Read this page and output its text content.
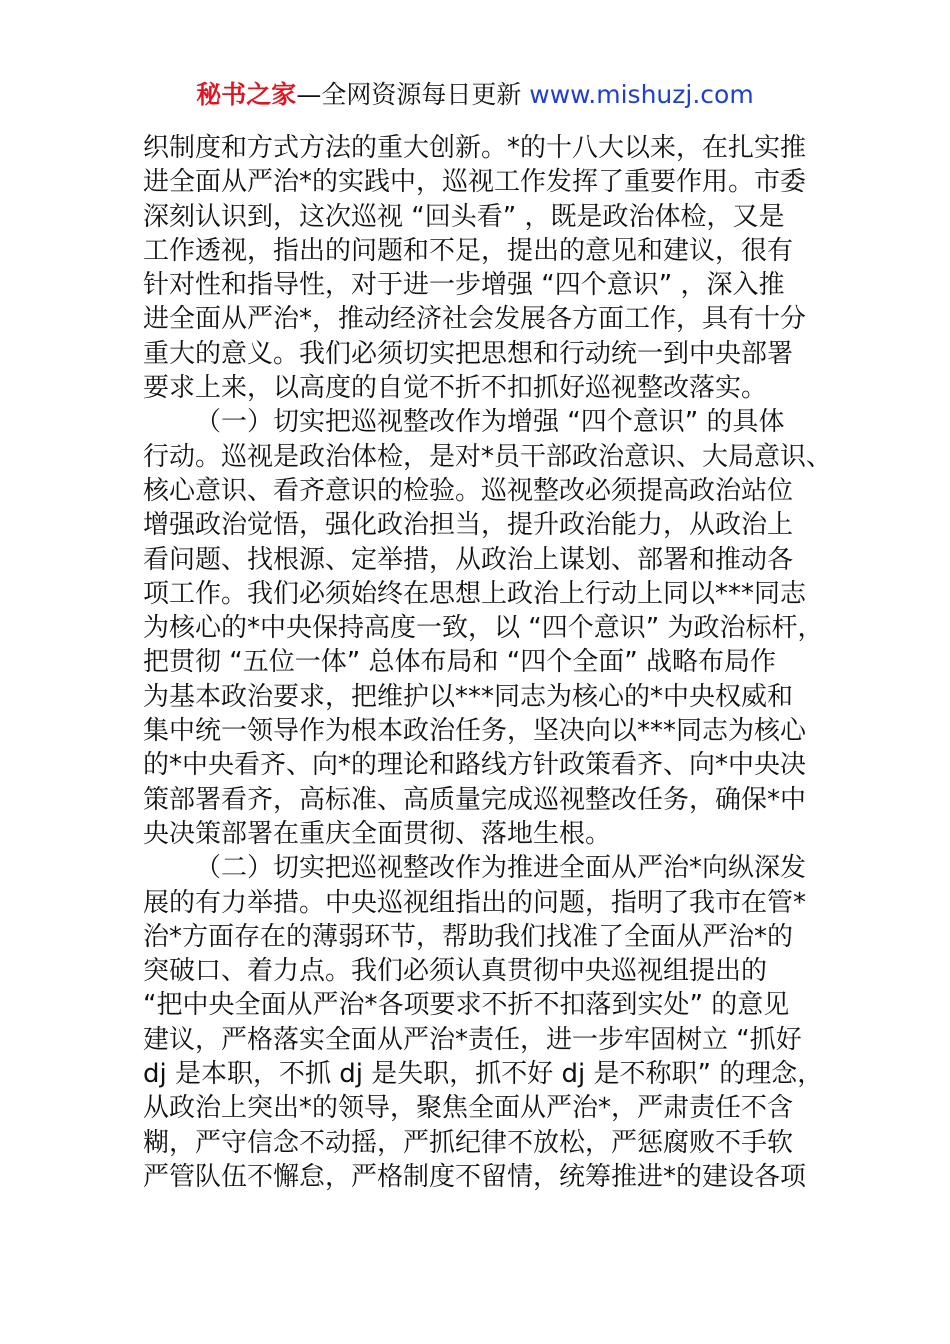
秘书之家—全网资源每日更新 www.mishuzj.com
织制度和方式方法的重大创新。*的十八大以来，在扎实推
进全面从严治*的实践中，巡视工作发挥了重要作用。市委
深刻认识到，这次巡视 “回头看” ，既是政治体检，又是
工作透视，指出的问题和不足，提出的意见和建议，很有
针对性和指导性，对于进一步增强 “四个意识” ，深入推
进全面从严治*，推动经济社会发展各方面工作，具有十分
重大的意义。我们必须切实把思想和行动统一到中央部署
要求上来，以高度的自觉不折不扣抓好巡视整改落实。
（一）切实把巡视整改作为增强 “四个意识” 的具体
行动。巡视是政治体检，是对*员干部政治意识、大局意识、
核心意识、看齐意识的检验。巡视整改必须提高政治站位
增强政治觉悟，强化政治担当，提升政治能力，从政治上
看问题、找根源、定举措，从政治上谋划、部署和推动各
项工作。我们必须始终在思想上政治上行动上同以***同志
为核心的*中央保持高度一致，以 “四个意识” 为政治标杆，
把贯彻 “五位一体” 总体布局和 “四个全面” 战略布局作
为基本政治要求，把维护以***同志为核心的*中央权威和
集中统一领导作为根本政治任务，坚决向以***同志为核心
的*中央看齐、向*的理论和路线方针政策看齐、向*中央决
策部署看齐，高标准、高质量完成巡视整改任务，确保*中
央决策部署在重庆全面贯彻、落地生根。
（二）切实把巡视整改作为推进全面从严治*向纵深发
展的有力举措。中央巡视组指出的问题，指明了我市在管*
治*方面存在的薄弱环节，帮助我们找准了全面从严治*的
突破口、着力点。我们必须认真贯彻中央巡视组提出的
“把中央全面从严治*各项要求不折不扣落到实处” 的意见
建议，严格落实全面从严治*责任，进一步牢固树立 “抓好
dj 是本职，不抓 dj 是失职，抓不好 dj 是不称职” 的理念，
从政治上突出*的领导，聚焦全面从严治*，严肃责任不含
糊，严守信念不动摇，严抓纪律不放松，严惩腐败不手软
严管队伍不懈怠，严格制度不留情，统筹推进*的建设各项
